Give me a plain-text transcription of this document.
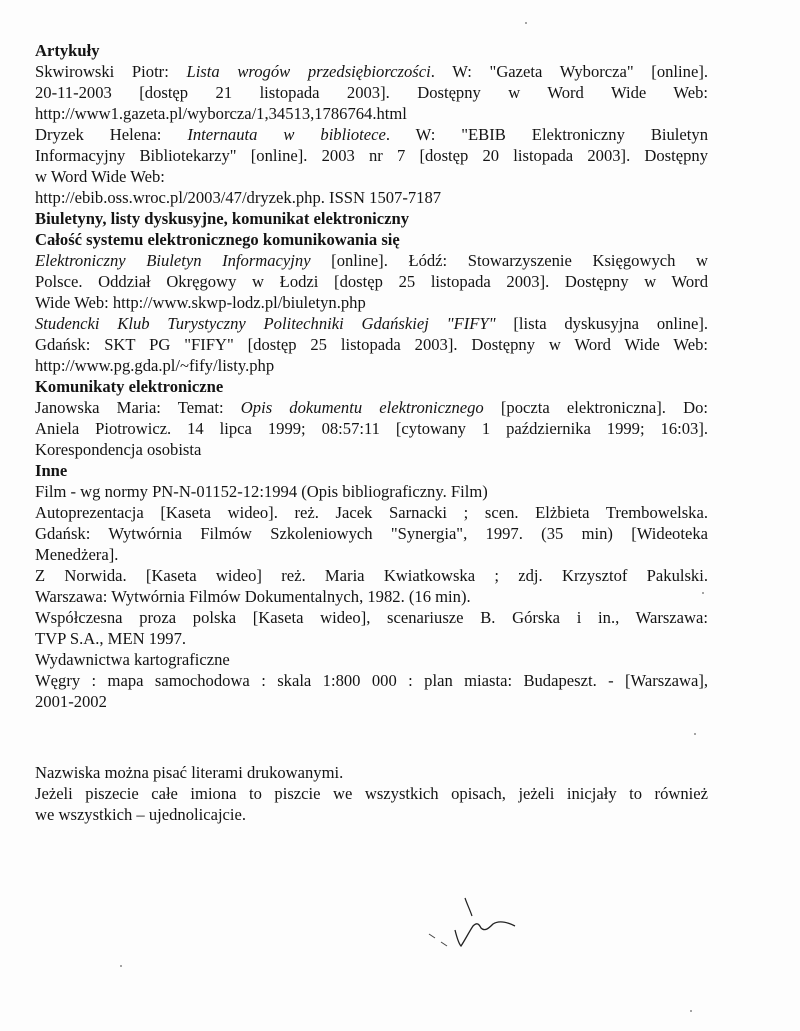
Artykuły

Skwirowski Piotr: Lista wrogów przedsiębiorczości. W: "Gazeta Wyborcza" [online].

20-11-2003 [dostęp 21 listopada 2003]. Dostępny w Word Wide Web:

http://www1.gazeta.pl/wyborcza/1,34513,1786764.html

Dryzek Helena: Internauta w bibliotece. W: "EBIB Elektroniczny Biuletyn

Informacyjny Bibliotekarzy" [online]. 2003 nr 7 [dostęp 20 listopada 2003]. Dostępny

w Word Wide Web:

http://ebib.oss.wroc.pl/2003/47/dryzek.php. ISSN 1507-7187

Biuletyny, listy dyskusyjne, komunikat elektroniczny

Całość systemu elektronicznego komunikowania się

Elektroniczny Biuletyn Informacyjny [online]. Łódź: Stowarzyszenie Księgowych w

Polsce. Oddział Okręgowy w Łodzi [dostęp 25 listopada 2003]. Dostępny w Word

Wide Web: http://www.skwp-lodz.pl/biuletyn.php

Studencki Klub Turystyczny Politechniki Gdańskiej "FIFY" [lista dyskusyjna online].

Gdańsk: SKT PG "FIFY" [dostęp 25 listopada 2003]. Dostępny w Word Wide Web:

http://www.pg.gda.pl/~fify/listy.php

Komunikaty elektroniczne

Janowska Maria: Temat: Opis dokumentu elektronicznego [poczta elektroniczna]. Do:

Aniela Piotrowicz. 14 lipca 1999; 08:57:11 [cytowany 1 października 1999; 16:03].

Korespondencja osobista

Inne

Film - wg normy PN-N-01152-12:1994 (Opis bibliograficzny. Film)

Autoprezentacja [Kaseta wideo]. reż. Jacek Sarnacki ; scen. Elżbieta Trembowelska.

Gdańsk: Wytwórnia Filmów Szkoleniowych "Synergia", 1997. (35 min) [Wideoteka

Menedżera].

Z Norwida. [Kaseta wideo] reż. Maria Kwiatkowska ; zdj. Krzysztof Pakulski.

Warszawa: Wytwórnia Filmów Dokumentalnych, 1982. (16 min).

Współczesna proza polska [Kaseta wideo], scenariusze B. Górska i in., Warszawa:

TVP S.A., MEN 1997.

Wydawnictwa kartograficzne

Węgry : mapa samochodowa : skala 1:800 000 : plan miasta: Budapeszt. - [Warszawa],

2001-2002

Nazwiska można pisać literami drukowanymi.

Jeżeli piszecie całe imiona to piszcie we wszystkich opisach, jeżeli inicjały to również

we wszystkich – ujednolicajcie.
